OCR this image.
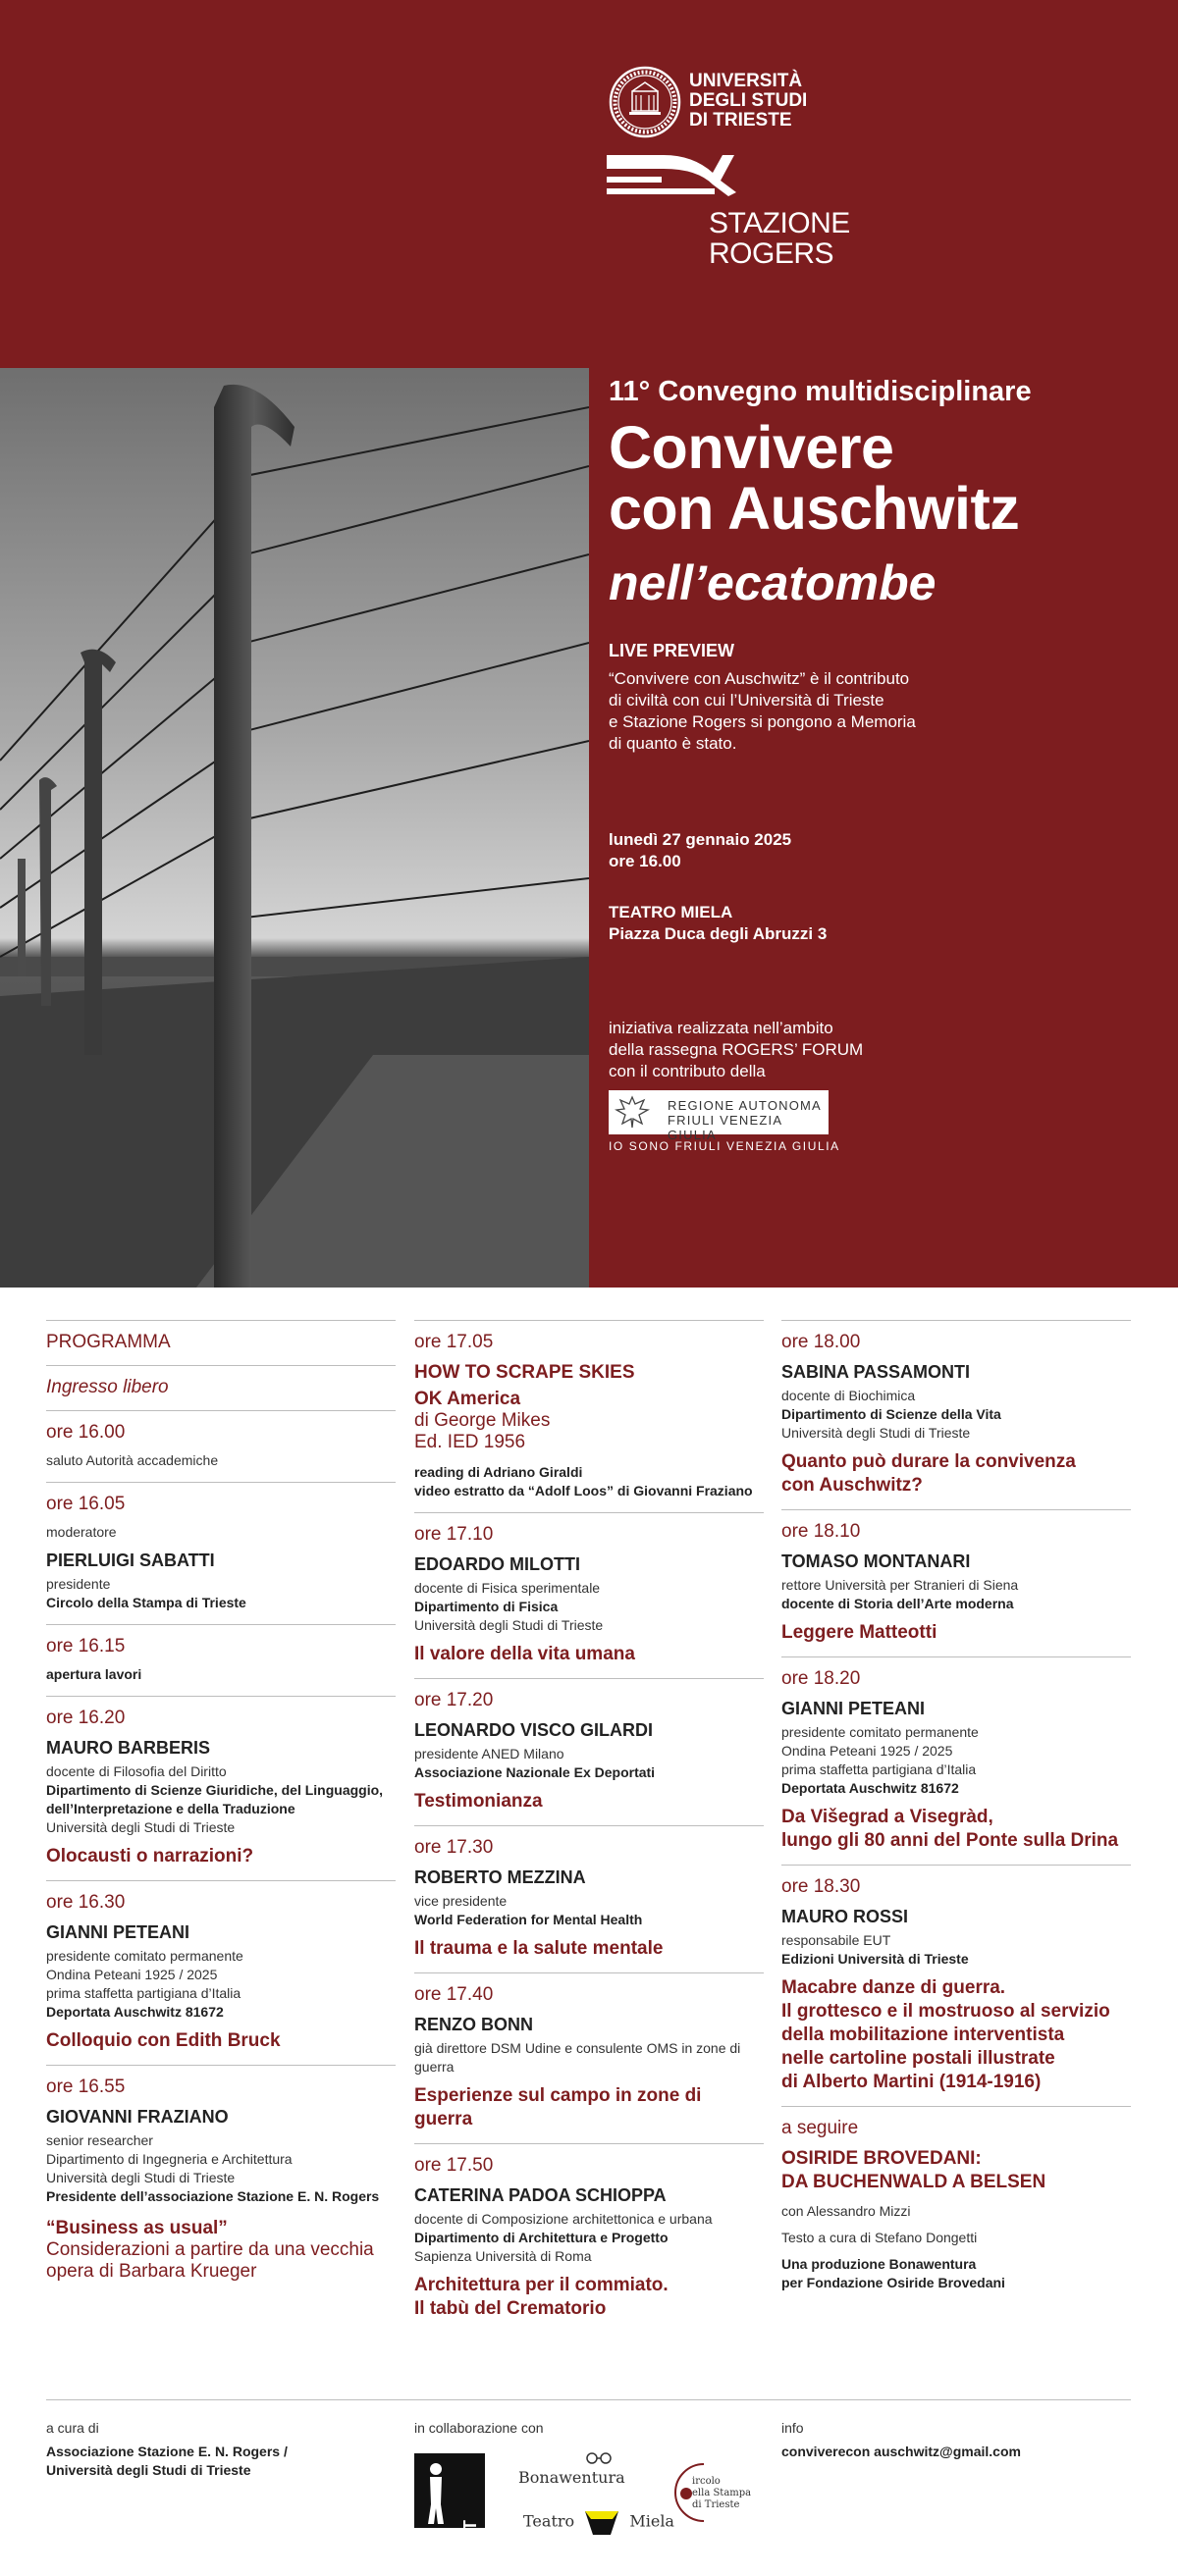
UNIVERSITÀ
DEGLI STUDI
DI TRIESTE
STAZIONE
ROGERS
11° Convegno multidisciplinare
Convivere
con Auschwitz
nell’ecatombe
LIVE PREVIEW
“Convivere con Auschwitz” è il contributo
di civiltà con cui l’Università di Trieste
e Stazione Rogers si pongono a Memoria
di quanto è stato.
lunedì 27 gennaio 2025
ore 16.00
TEATRO MIELA
Piazza Duca degli Abruzzi 3
iniziativa realizzata nell’ambito
della rassegna ROGERS’ FORUM
con il contributo della
REGIONE AUTONOMA
FRIULI VENEZIA GIULIA
IO SONO FRIULI VENEZIA GIULIA
PROGRAMMA
Ingresso libero
ore 16.00
saluto Autorità accademiche
ore 16.05
moderatore
PIERLUIGI SABATTI
presidente
Circolo della Stampa di Trieste
ore 16.15
apertura lavori
ore 16.20
MAURO BARBERIS
docente di Filosofia del Diritto
Dipartimento di Scienze Giuridiche, del Linguaggio,
dell’Interpretazione e della Traduzione
Università degli Studi di Trieste
Olocausti o narrazioni?
ore 16.30
GIANNI PETEANI
presidente comitato permanente
Ondina Peteani 1925 / 2025
prima staffetta partigiana d’Italia
Deportata Auschwitz 81672
Colloquio con Edith Bruck
ore 16.55
GIOVANNI FRAZIANO
senior researcher
Dipartimento di Ingegneria e Architettura
Università degli Studi di Trieste
Presidente dell’associazione Stazione E. N. Rogers
“Business as usual”
Considerazioni a partire da una vecchia
opera di Barbara Krueger
ore 17.05
HOW TO SCRAPE SKIES
OK America
di George Mikes
Ed. IED 1956
reading di Adriano Giraldi
video estratto da “Adolf Loos” di Giovanni Fraziano
ore 17.10
EDOARDO MILOTTI
docente di Fisica sperimentale
Dipartimento di Fisica
Università degli Studi di Trieste
Il valore della vita umana
ore 17.20
LEONARDO VISCO GILARDI
presidente ANED Milano
Associazione Nazionale Ex Deportati
Testimonianza
ore 17.30
ROBERTO MEZZINA
vice presidente
World Federation for Mental Health
Il trauma e la salute mentale
ore 17.40
RENZO BONN
già direttore DSM Udine e consulente OMS in zone di
guerra
Esperienze sul campo in zone di guerra
ore 17.50
CATERINA PADOA SCHIOPPA
docente di Composizione architettonica e urbana
Dipartimento di Architettura e Progetto
Sapienza Università di Roma
Architettura per il commiato.
Il tabù del Crematorio
ore 18.00
SABINA PASSAMONTI
docente di Biochimica
Dipartimento di Scienze della Vita
Università degli Studi di Trieste
Quanto può durare la convivenza
con Auschwitz?
ore 18.10
TOMASO MONTANARI
rettore Università per Stranieri di Siena
docente di Storia dell’Arte moderna
Leggere Matteotti
ore 18.20
GIANNI PETEANI
presidente comitato permanente
Ondina Peteani 1925 / 2025
prima staffetta partigiana d’Italia
Deportata Auschwitz 81672
Da Višegrad a Visegràd,
lungo gli 80 anni del Ponte sulla Drina
ore 18.30
MAURO ROSSI
responsabile EUT
Edizioni Università di Trieste
Macabre danze di guerra.
Il grottesco e il mostruoso al servizio
della mobilitazione interventista
nelle cartoline postali illustrate
di Alberto Martini (1914-1916)
a seguire
OSIRIDE BROVEDANI:
DA BUCHENWALD A BELSEN
con Alessandro Mizzi
Testo a cura di Stefano Dongetti
Una produzione Bonawentura
per Fondazione Osiride Brovedani
a cura di
Associazione Stazione E. N. Rogers /
Università degli Studi di Trieste
in collaborazione con
EUT
Bonawentura
Teatro	Miela
ircolo
ella Stampa
di Trieste
info
conviverecon auschwitz@gmail.com
